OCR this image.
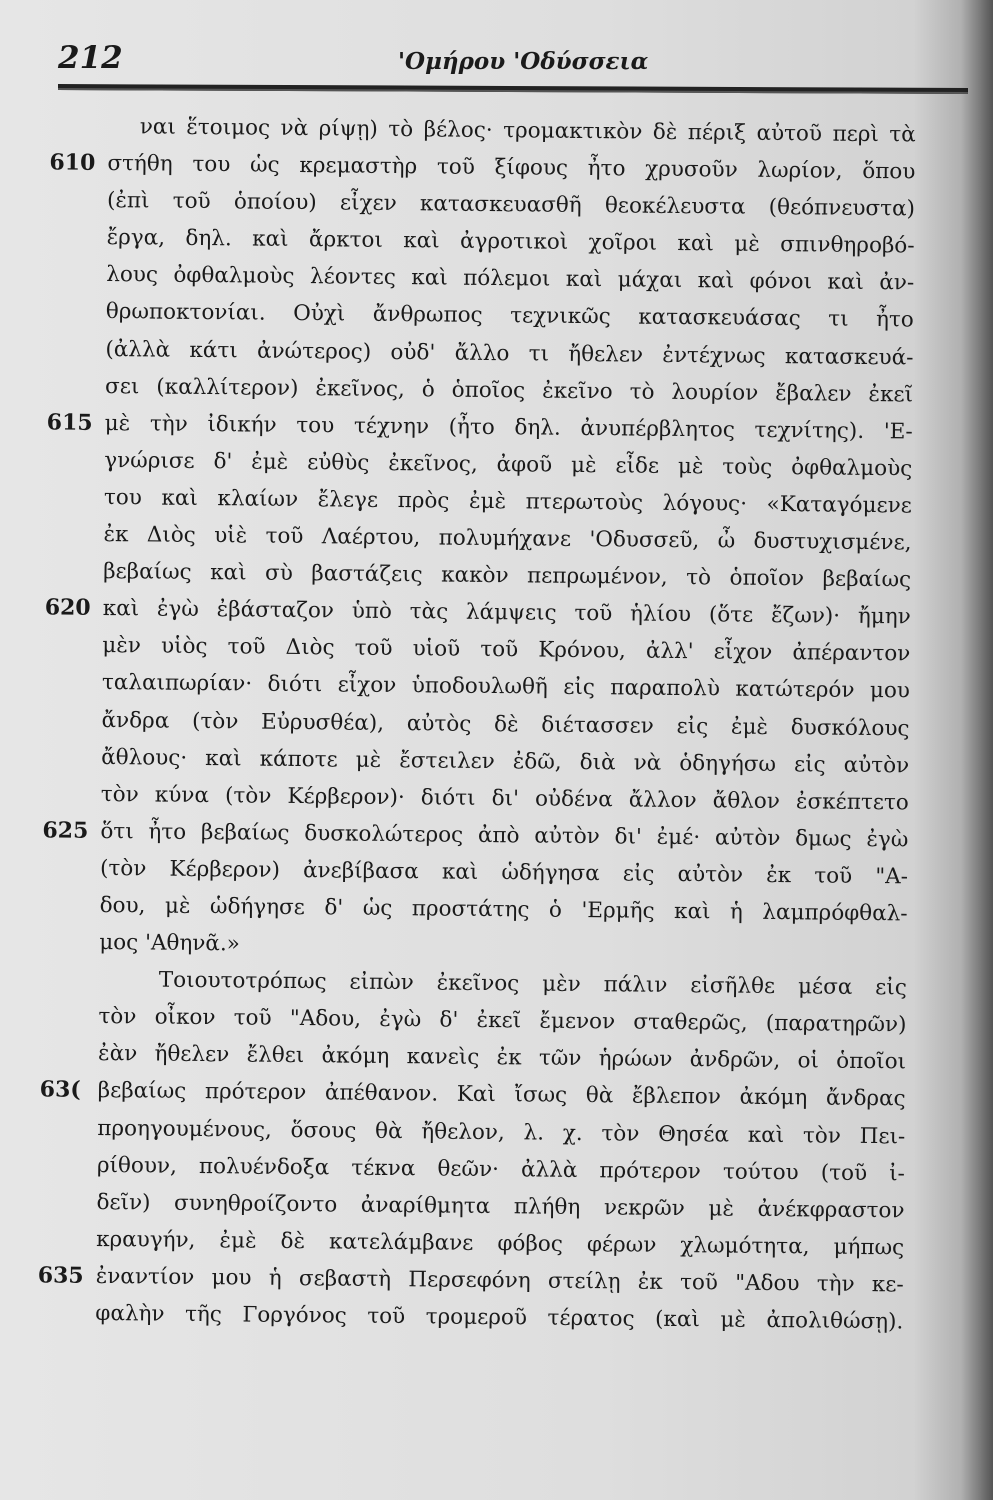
212	'Ομήρου 'Οδύσσεια
ναι ἕτοιμος νὰ ρίψῃ) τὸ βέλος· τρομακτικὸν δὲ πέριξ αὐτοῦ περὶ τὰ
610 στήθη του ὡς κρεμαστὴρ τοῦ ξίφους ἦτο χρυσοῦν λωρίον, ὅπου
(ἐπὶ τοῦ ὁποίου) εἶχεν κατασκευασθῆ θεοκέλευστα (θεόπνευστα)
ἔργα, δηλ. καὶ ἄρκτοι καὶ ἀγροτικοὶ χοῖροι καὶ μὲ σπινθηροβό-
λους ὀφθαλμοὺς λέοντες καὶ πόλεμοι καὶ μάχαι καὶ φόνοι καὶ ἀν-
θρωποκτονίαι. Οὐχὶ ἄνθρωπος τεχνικῶς κατασκευάσας τι ἦτο
(ἀλλὰ κάτι ἀνώτερος) οὐδ' ἄλλο τι ἤθελεν ἐντέχνως κατασκευά-
σει (καλλίτερον) ἐκεῖνος, ὁ ὁποῖος ἐκεῖνο τὸ λουρίον ἔβαλεν ἐκεῖ
615 μὲ τὴν ἰδικήν του τέχνην (ἦτο δηλ. ἀνυπέρβλητος τεχνίτης). 'Ε-
γνώρισε δ' ἐμὲ εὐθὺς ἐκεῖνος, ἀφοῦ μὲ εἶδε μὲ τοὺς ὀφθαλμοὺς
του καὶ κλαίων ἔλεγε πρὸς ἐμὲ πτερωτοὺς λόγους· «Καταγόμενε
ἐκ Διὸς υἱὲ τοῦ Λαέρτου, πολυμήχανε 'Οδυσσεῦ, ὦ δυστυχισμένε,
βεβαίως καὶ σὺ βαστάζεις κακὸν πεπρωμένον, τὸ ὁποῖον βεβαίως
620 καὶ ἐγὼ ἐβάσταζον ὑπὸ τὰς λάμψεις τοῦ ἡλίου (ὅτε ἔζων)· ἤμην
μὲν υἱὸς τοῦ Διὸς τοῦ υἱοῦ τοῦ Κρόνου, ἀλλ' εἶχον ἀπέραντον
ταλαιπωρίαν· διότι εἶχον ὑποδουλωθῆ εἰς παραπολὺ κατώτερόν μου
ἄνδρα (τὸν Εὐρυσθέα), αὐτὸς δὲ διέτασσεν εἰς ἐμὲ δυσκόλους
ἄθλους· καὶ κάποτε μὲ ἔστειλεν ἐδῶ, διὰ νὰ ὁδηγήσω εἰς αὐτὸν
τὸν κύνα (τὸν Κέρβερον)· διότι δι' οὐδένα ἄλλον ἄθλον ἐσκέπτετο
625 ὅτι ἦτο βεβαίως δυσκολώτερος ἀπὸ αὐτὸν δι' ἐμέ· αὐτὸν δμως ἐγὼ
(τὸν Κέρβερον) ἀνεβίβασα καὶ ὡδήγησα εἰς αὐτὸν ἐκ τοῦ "Α-
δου, μὲ ὡδήγησε δ' ὡς προστάτης ὁ 'Ερμῆς καὶ ἡ λαμπρόφθαλ-
μος 'Αθηνᾶ.»
Τοιουτοτρόπως εἰπὼν ἐκεῖνος μὲν πάλιν εἰσῆλθε μέσα εἰς
τὸν οἶκον τοῦ "Αδου, ἐγὼ δ' ἐκεῖ ἔμενον σταθερῶς, (παρατηρῶν)
ἐὰν ἤθελεν ἔλθει ἀκόμη κανεὶς ἐκ τῶν ἡρώων ἀνδρῶν, οἱ ὁποῖοι
63( βεβαίως πρότερον ἀπέθανον. Καὶ ἴσως θὰ ἔβλεπον ἀκόμη ἄνδρας
προηγουμένους, ὅσους θὰ ἤθελον, λ. χ. τὸν Θησέα καὶ τὸν Πει-
ρίθουν, πολυένδοξα τέκνα θεῶν· ἀλλὰ πρότερον τούτου (τοῦ ἰ-
δεῖν) συνηθροίζοντο ἀναρίθμητα πλήθη νεκρῶν μὲ ἀνέκφραστον
κραυγήν, ἐμὲ δὲ κατελάμβανε φόβος φέρων χλωμότητα, μήπως
635 ἐναντίον μου ἡ σεβαστὴ Περσεφόνη στείλῃ ἐκ τοῦ "Αδου τὴν κε-
φαλὴν τῆς Γοργόνος τοῦ τρομεροῦ τέρατος (καὶ μὲ ἀπολιθώσῃ).
